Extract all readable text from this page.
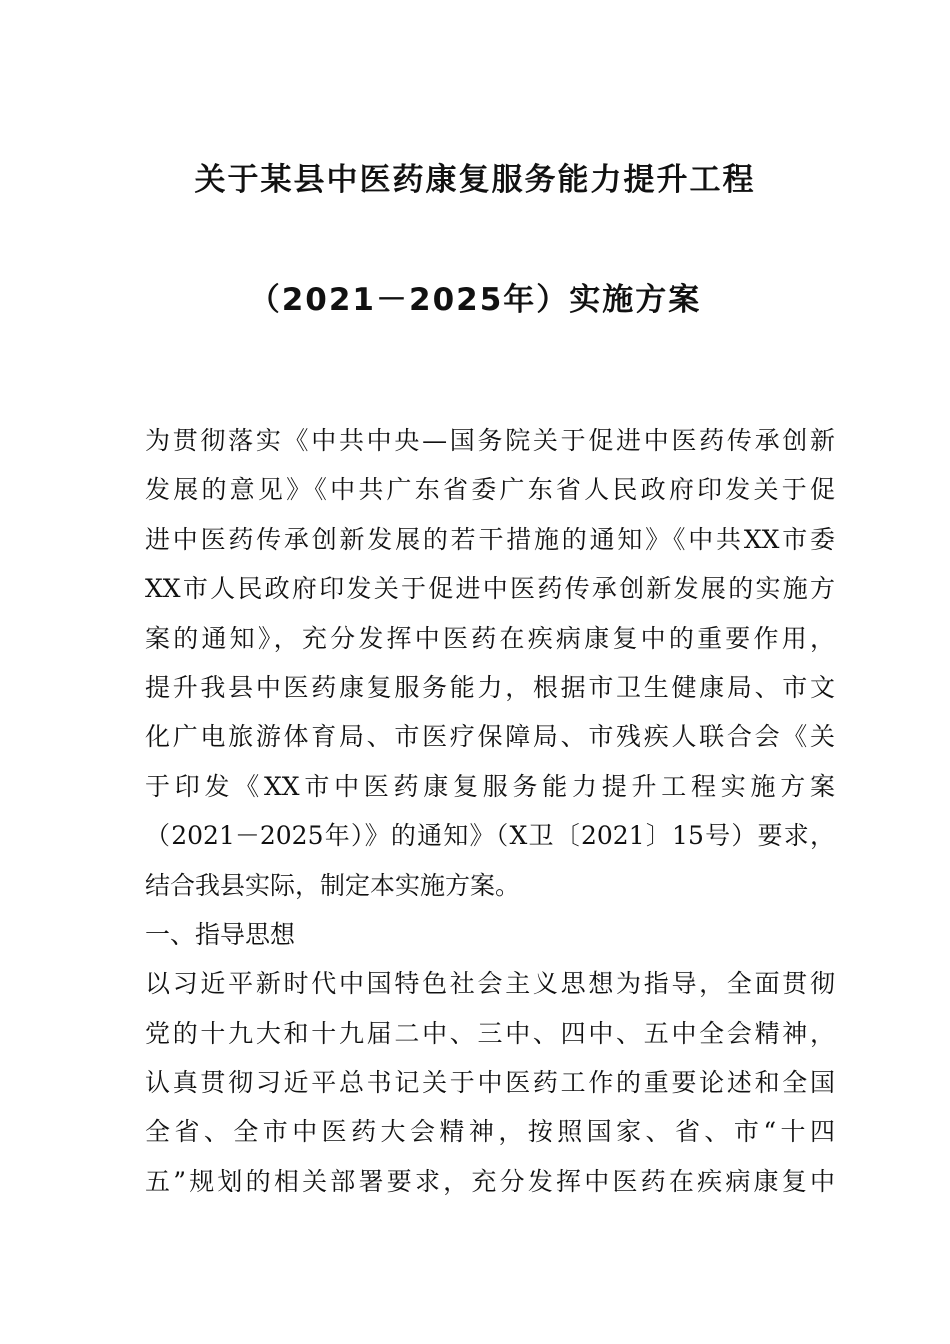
关于某县中医药康复服务能力提升工程
（2021－2025年）实施方案
为贯彻落实《中共中央—国务院关于促进中医药传承创新
发展的意见》《中共广东省委广东省人民政府印发关于促
进中医药传承创新发展的若干措施的通知》《中共XX市委
XX市人民政府印发关于促进中医药传承创新发展的实施方
案的通知》，充分发挥中医药在疾病康复中的重要作用，
提升我县中医药康复服务能力，根据市卫生健康局、市文
化广电旅游体育局、市医疗保障局、市残疾人联合会《关
于印发《XX市中医药康复服务能力提升工程实施方案
（2021－2025年）》的通知》（X卫〔2021〕15号）要求，
结合我县实际，制定本实施方案。
一、指导思想
以习近平新时代中国特色社会主义思想为指导，全面贯彻
党的十九大和十九届二中、三中、四中、五中全会精神，
认真贯彻习近平总书记关于中医药工作的重要论述和全国
全省、全市中医药大会精神，按照国家、省、市“十四
五”规划的相关部署要求，充分发挥中医药在疾病康复中
